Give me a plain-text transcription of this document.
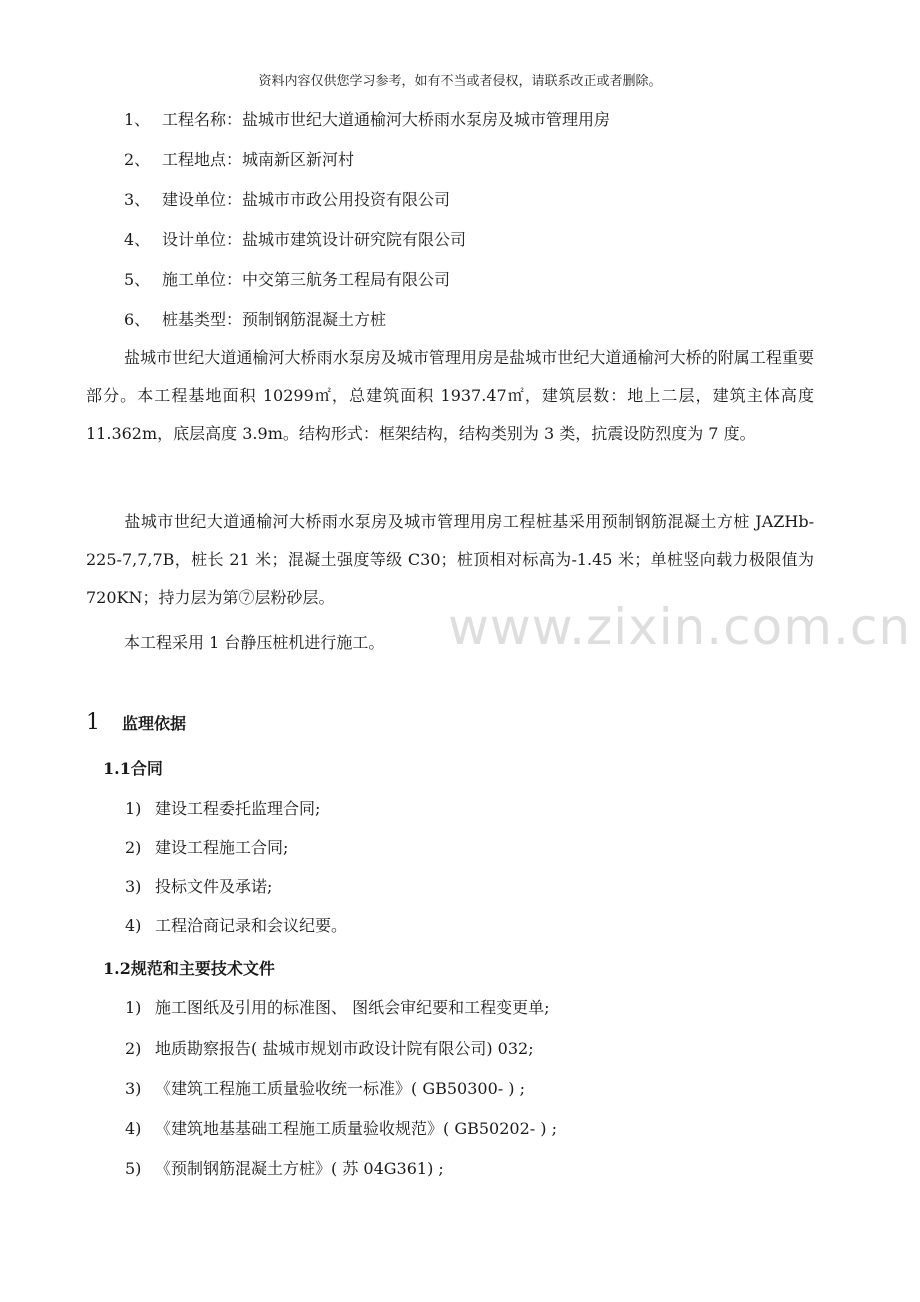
资料内容仅供您学习参考，如有不当或者侵权，请联系改正或者删除。
1、 工程名称：盐城市世纪大道通榆河大桥雨水泵房及城市管理用房
2、 工程地点：城南新区新河村
3、 建设单位：盐城市市政公用投资有限公司
4、 设计单位：盐城市建筑设计研究院有限公司
5、 施工单位：中交第三航务工程局有限公司
6、 桩基类型：预制钢筋混凝土方桩

盐城市世纪大道通榆河大桥雨水泵房及城市管理用房是盐城市世纪大道通榆河大桥的附属工程重要部分。本工程基地面积 10299㎡，总建筑面积 1937.47㎡，建筑层数：地上二层，建筑主体高度 11.362m，底层高度 3.9m。结构形式：框架结构，结构类别为 3 类，抗震设防烈度为 7 度。

盐城市世纪大道通榆河大桥雨水泵房及城市管理用房工程桩基采用预制钢筋混凝土方桩 JAZHb-225-7,7,7B，桩长 21 米；混凝土强度等级 C30；桩顶相对标高为-1.45 米；单桩竖向载力极限值为 720KN；持力层为第⑦层粉砂层。

本工程采用 1 台静压桩机进行施工。	www.zixin.com.cn
1 监理依据
1.1合同
1) 建设工程委托监理合同;
2) 建设工程施工合同;
3) 投标文件及承诺;
4) 工程洽商记录和会议纪要。
1.2规范和主要技术文件
1) 施工图纸及引用的标准图、 图纸会审纪要和工程变更单;
2) 地质勘察报告( 盐城市规划市政设计院有限公司) 032;
3) 《建筑工程施工质量验收统一标准》( GB50300- ) ;
4) 《建筑地基基础工程施工质量验收规范》( GB50202- ) ;
5) 《预制钢筋混凝土方桩》( 苏 04G361) ;
